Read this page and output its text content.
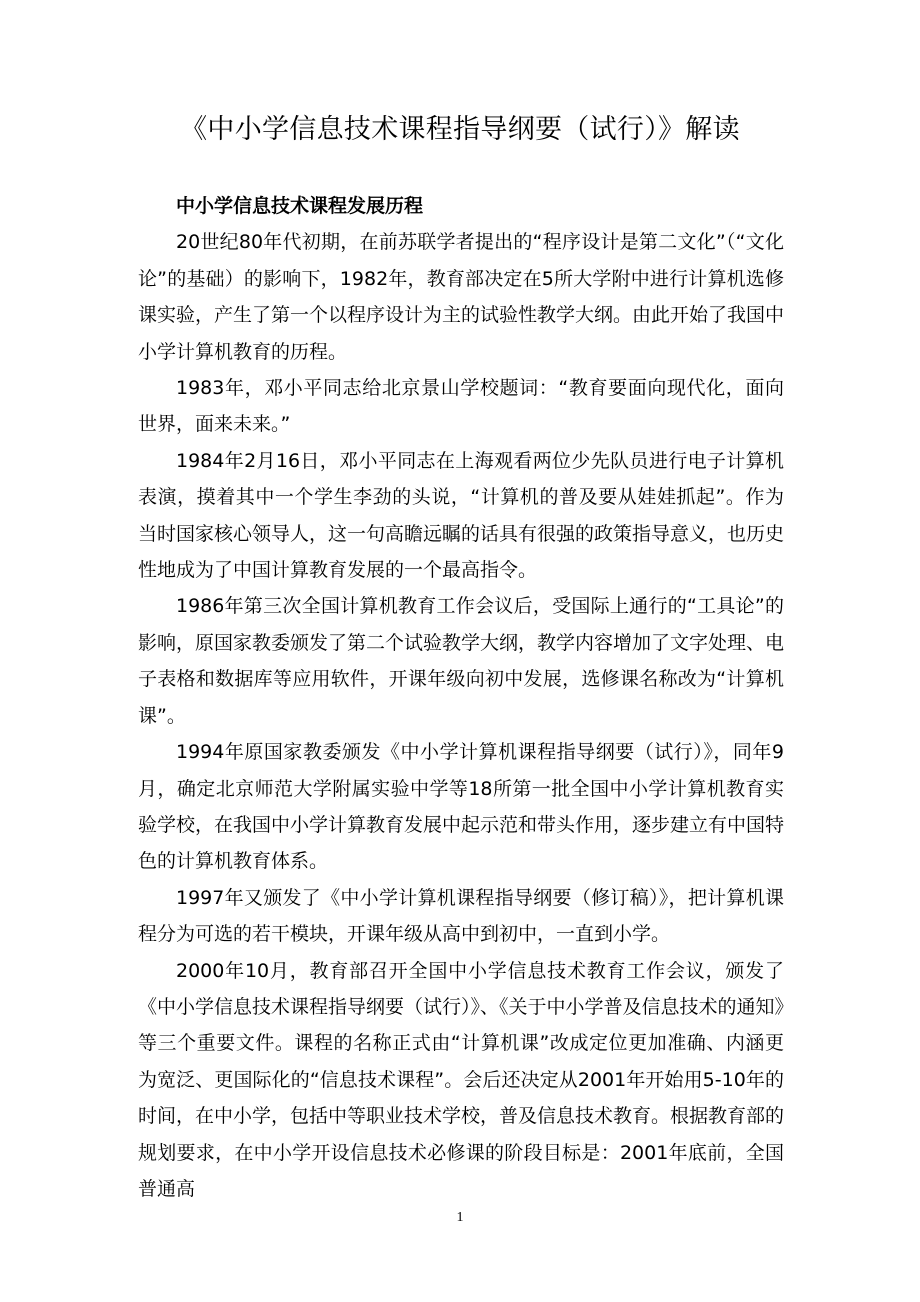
《中小学信息技术课程指导纲要（试行）》解读

中小学信息技术课程发展历程

20世纪80年代初期，在前苏联学者提出的“程序设计是第二文化”（“文化论”的基础）的影响下，1982年，教育部决定在5所大学附中进行计算机选修课实验，产生了第一个以程序设计为主的试验性教学大纲。由此开始了我国中小学计算机教育的历程。

1983年，邓小平同志给北京景山学校题词：“教育要面向现代化，面向世界，面来未来。”

1984年2月16日，邓小平同志在上海观看两位少先队员进行电子计算机表演，摸着其中一个学生李劲的头说，“计算机的普及要从娃娃抓起”。作为当时国家核心领导人，这一句高瞻远瞩的话具有很强的政策指导意义，也历史性地成为了中国计算教育发展的一个最高指令。

1986年第三次全国计算机教育工作会议后，受国际上通行的“工具论”的影响，原国家教委颁发了第二个试验教学大纲，教学内容增加了文字处理、电子表格和数据库等应用软件，开课年级向初中发展，选修课名称改为“计算机课”。

1994年原国家教委颁发《中小学计算机课程指导纲要（试行）》，同年9月，确定北京师范大学附属实验中学等18所第一批全国中小学计算机教育实验学校，在我国中小学计算教育发展中起示范和带头作用，逐步建立有中国特色的计算机教育体系。

1997年又颁发了《中小学计算机课程指导纲要（修订稿）》，把计算机课程分为可选的若干模块，开课年级从高中到初中，一直到小学。

2000年10月，教育部召开全国中小学信息技术教育工作会议，颁发了《中小学信息技术课程指导纲要（试行）》、《关于中小学普及信息技术的通知》等三个重要文件。课程的名称正式由“计算机课”改成定位更加准确、内涵更为宽泛、更国际化的“信息技术课程”。会后还决定从2001年开始用5-10年的时间，在中小学，包括中等职业技术学校，普及信息技术教育。根据教育部的规划要求，在中小学开设信息技术必修课的阶段目标是：2001年底前，全国普通高

1
